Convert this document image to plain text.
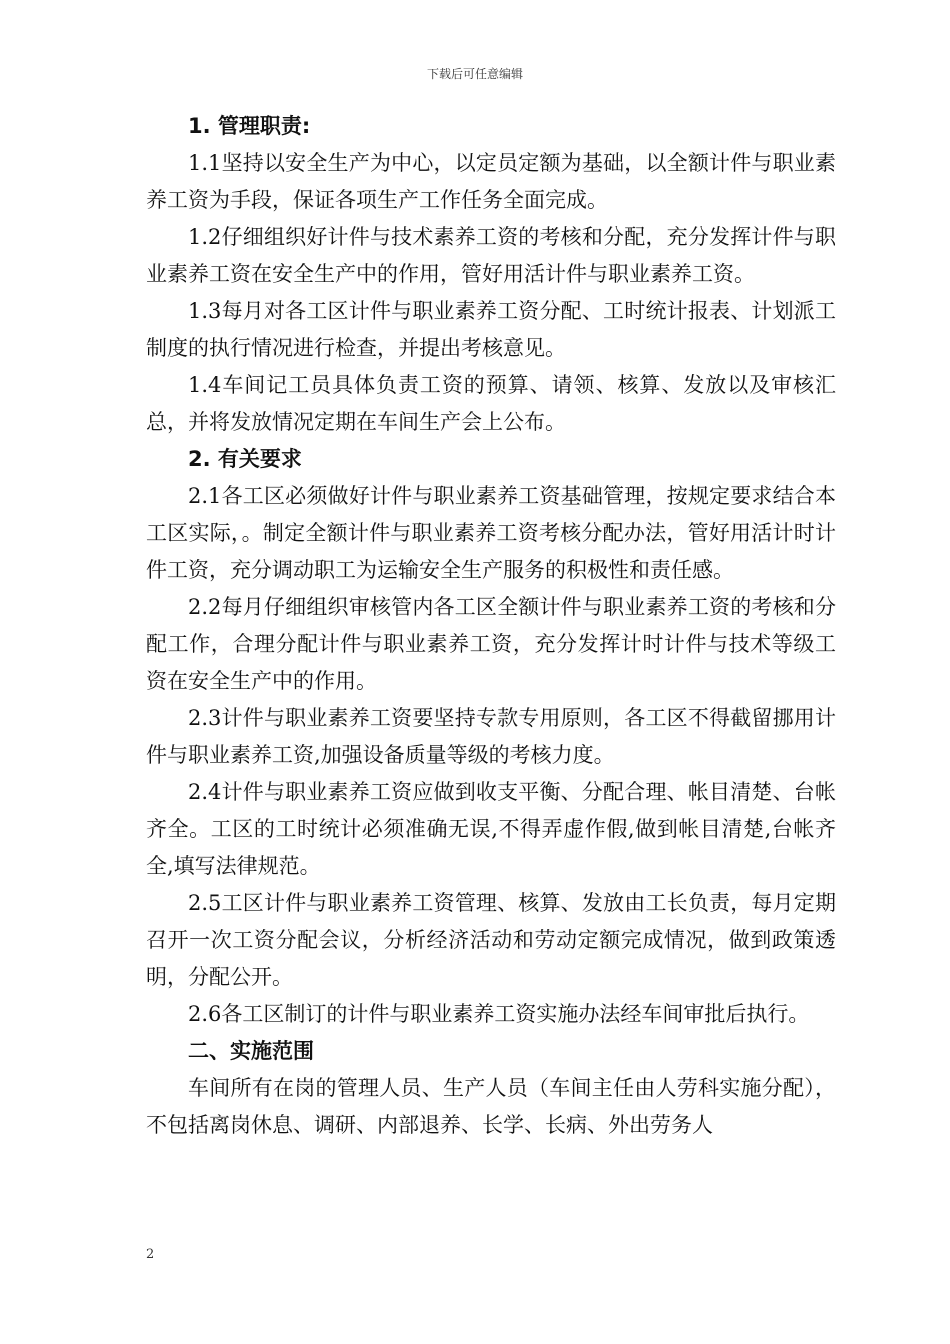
下载后可任意编辑

1. 管理职责:

1.1坚持以安全生产为中心，以定员定额为基础，以全额计件与职业素养工资为手段，保证各项生产工作任务全面完成。

1.2仔细组织好计件与技术素养工资的考核和分配，充分发挥计件与职业素养工资在安全生产中的作用，管好用活计件与职业素养工资。

1.3每月对各工区计件与职业素养工资分配、工时统计报表、计划派工制度的执行情况进行检查，并提出考核意见。

1.4车间记工员具体负责工资的预算、请领、核算、发放以及审核汇总，并将发放情况定期在车间生产会上公布。

2. 有关要求

2.1各工区必须做好计件与职业素养工资基础管理，按规定要求结合本工区实际，。制定全额计件与职业素养工资考核分配办法，管好用活计时计件工资，充分调动职工为运输安全生产服务的积极性和责任感。

2.2每月仔细组织审核管内各工区全额计件与职业素养工资的考核和分配工作，合理分配计件与职业素养工资，充分发挥计时计件与技术等级工资在安全生产中的作用。

2.3计件与职业素养工资要坚持专款专用原则，各工区不得截留挪用计件与职业素养工资,加强设备质量等级的考核力度。

2.4计件与职业素养工资应做到收支平衡、分配合理、帐目清楚、台帐齐全。工区的工时统计必须准确无误,不得弄虚作假,做到帐目清楚,台帐齐全,填写法律规范。

2.5工区计件与职业素养工资管理、核算、发放由工长负责，每月定期召开一次工资分配会议，分析经济活动和劳动定额完成情况，做到政策透明，分配公开。

2.6各工区制订的计件与职业素养工资实施办法经车间审批后执行。

二、实施范围

车间所有在岗的管理人员、生产人员（车间主任由人劳科实施分配），不包括离岗休息、调研、内部退养、长学、长病、外出劳务人

2
